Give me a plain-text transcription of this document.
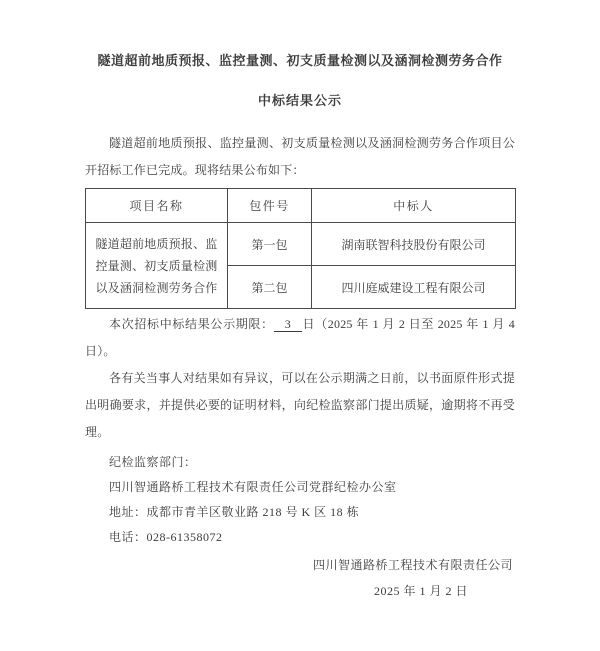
隧道超前地质预报、监控量测、初支质量检测以及涵洞检测劳务合作
中标结果公示

隧道超前地质预报、监控量测、初支质量检测以及涵洞检测劳务合作项目公开招标工作已完成。现将结果公布如下：

项目名称	包件号	中标人
隧道超前地质预报、监控量测、初支质量检测以及涵洞检测劳务合作	第一包	湖南联智科技股份有限公司
	第二包	四川庭威建设工程有限公司

本次招标中标结果公示期限： 3 日（2025 年 1 月 2 日至 2025 年 1 月 4 日）。

各有关当事人对结果如有异议，可以在公示期满之日前，以书面原件形式提出明确要求，并提供必要的证明材料，向纪检监察部门提出质疑，逾期将不再受理。

纪检监察部门：
四川智通路桥工程技术有限责任公司党群纪检办公室
地址：成都市青羊区敬业路 218 号 K 区 18 栋
电话：028-61358072
四川智通路桥工程技术有限责任公司
2025 年 1 月 2 日
